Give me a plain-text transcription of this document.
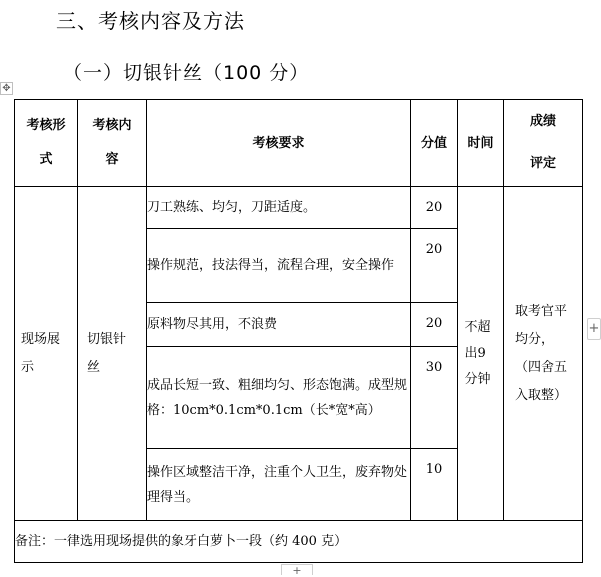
三、考核内容及方法
（一）切银针丝（100 分）
✥
考核形式	考核内容	考核要求	分值	时间	成绩评定
现场展示	切银针丝	刀工熟练、均匀，刀距适度。	20	不超出9分钟	取考官平均分，（四舍五入取整）
		操作规范，技法得当，流程合理，安全操作	20		
		原料物尽其用，不浪费	20		
		成品长短一致、粗细均匀、形态饱满。成型规格：10cm*0.1cm*0.1cm（长*宽*高）	30		
		操作区域整洁干净，注重个人卫生，废弃物处理得当。	10		
备注：一律选用现场提供的象牙白萝卜一段（约 400 克）					
+
+
